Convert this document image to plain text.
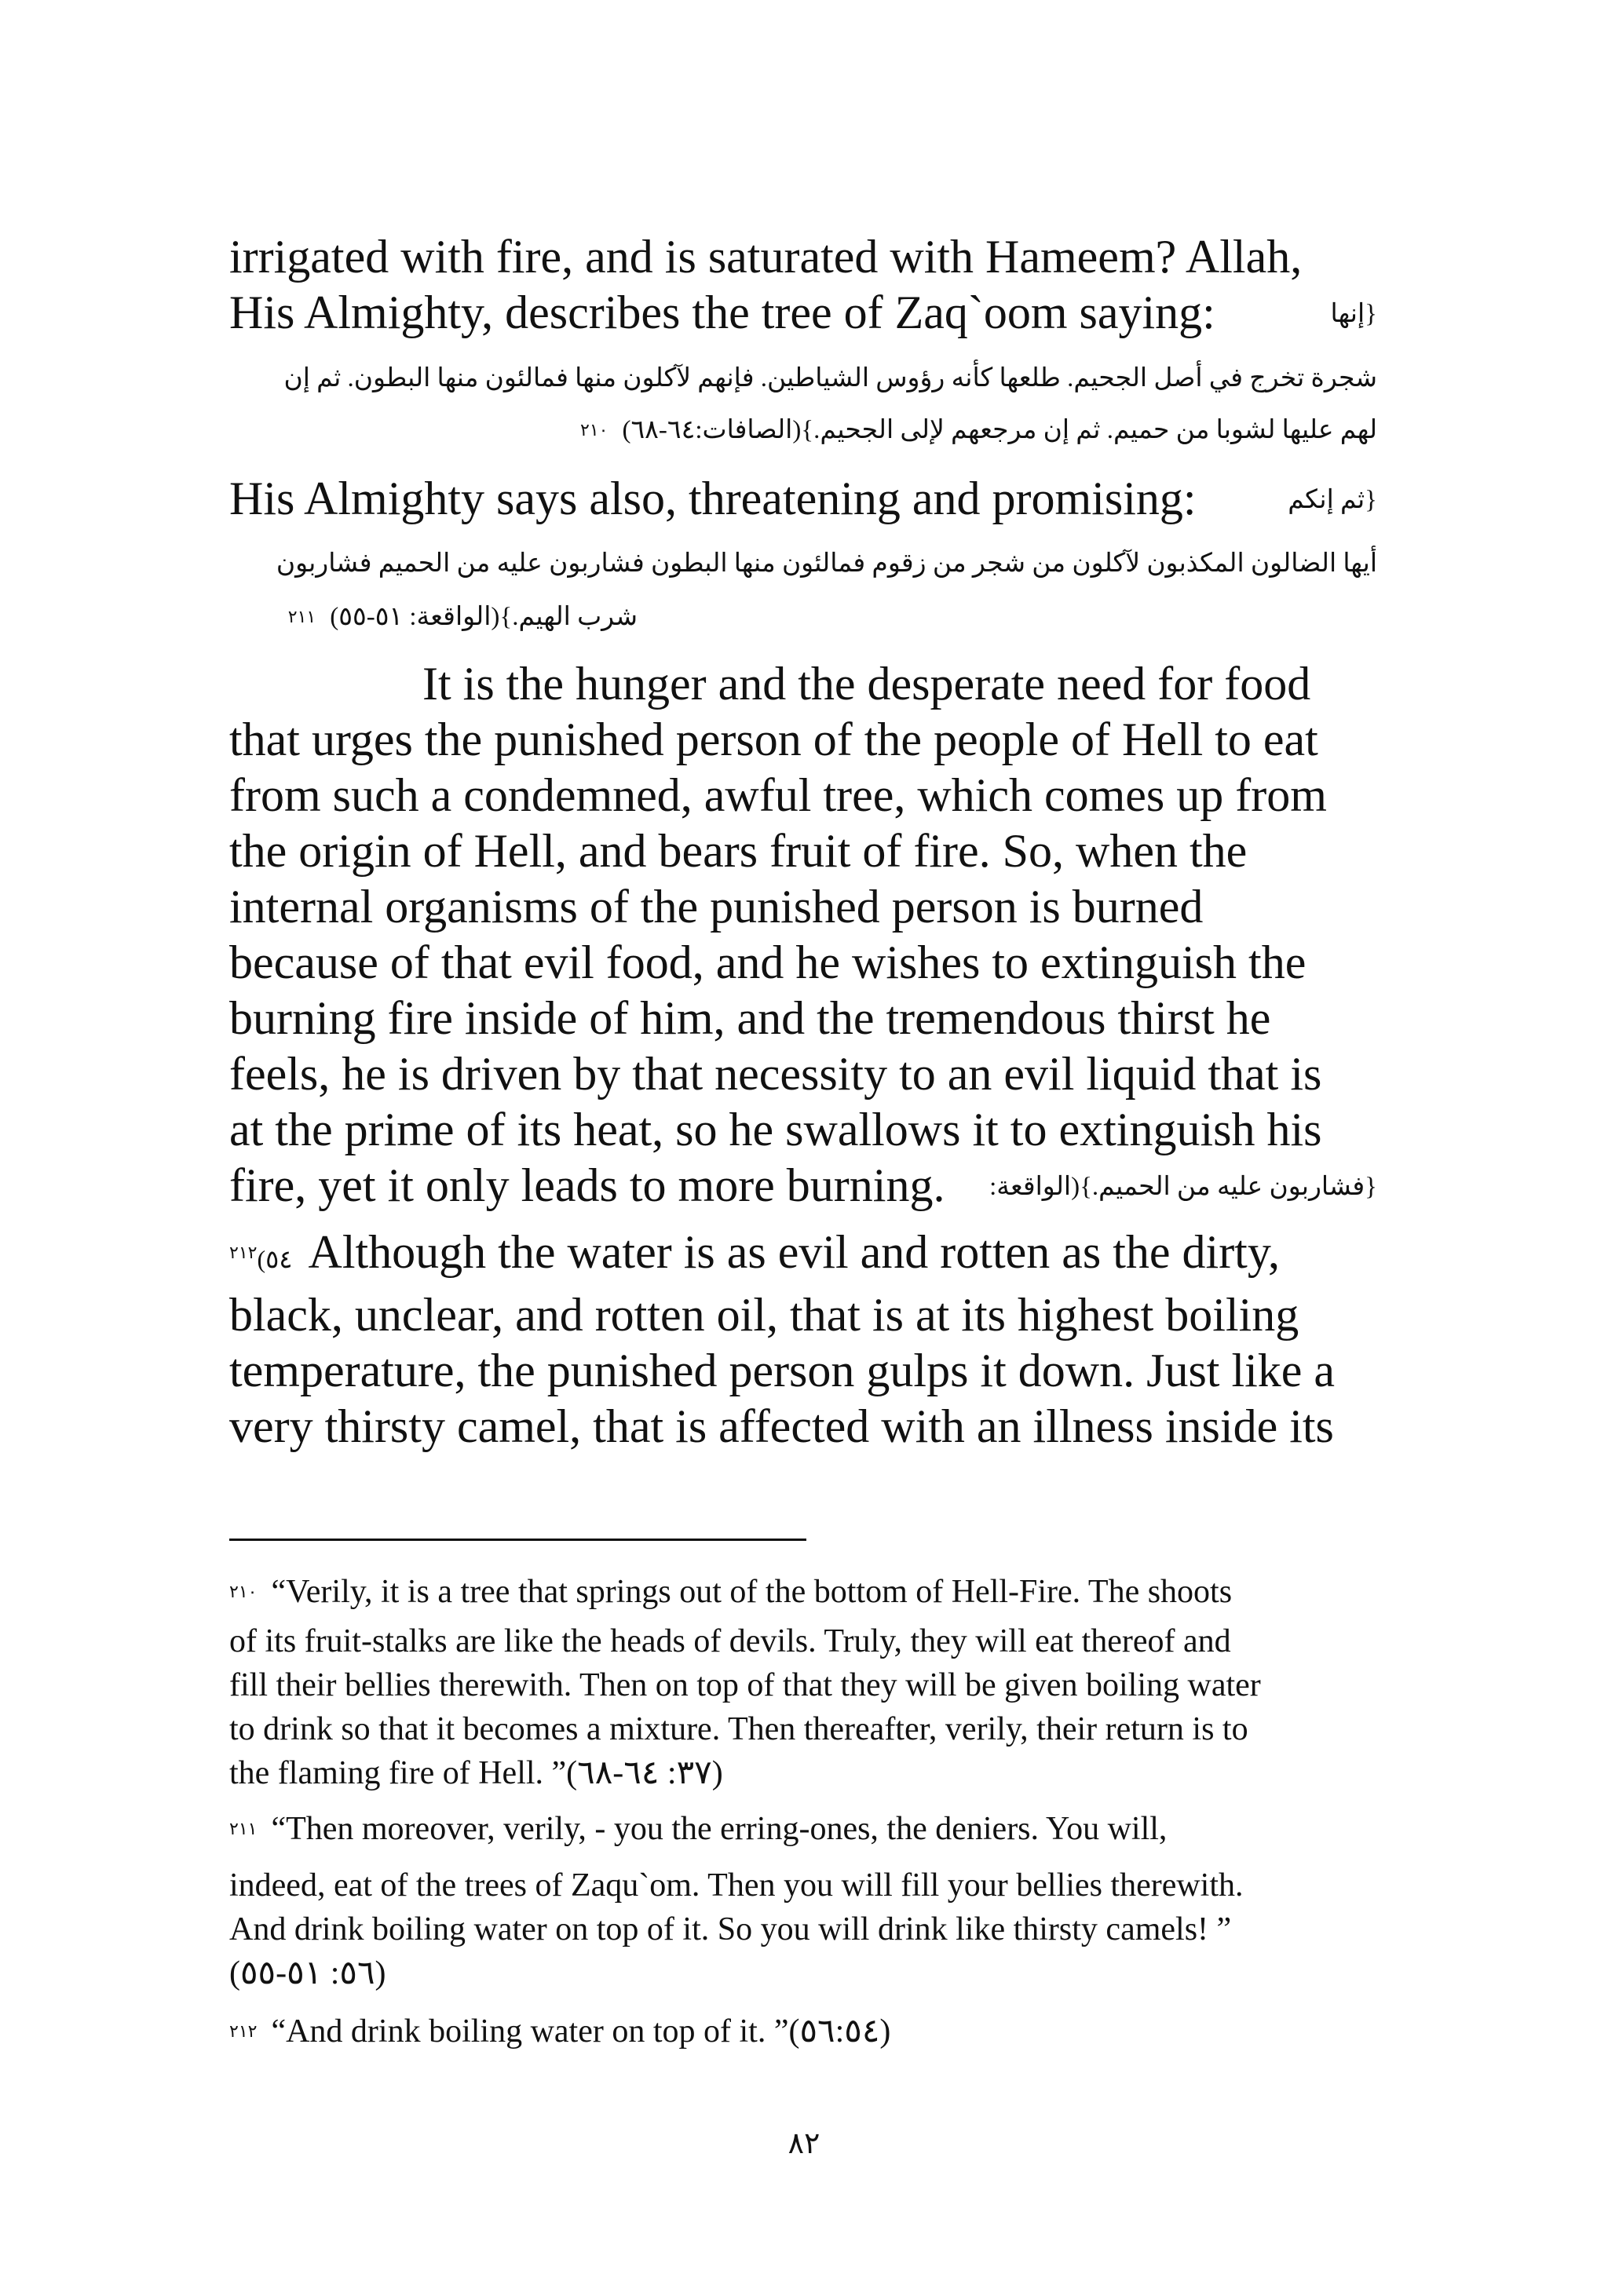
irrigated with fire, and is saturated with Hameem? Allah,
His Almighty, describes the tree of Zaq`oom saying:	{إنها
شجرة تخرج في أصل الجحيم. طلعها كأنه رؤوس الشياطين. فإنهم لآكلون منها فمالئون منها البطون. ثم إن
لهم عليها لشوبا من حميم. ثم إن مرجعهم لإلى الجحيم.}(الصافات:٦٤-٦٨)$^{٢١٠}$
His Almighty says also, threatening and promising:	{ثم إنكم
أيها الضالون المكذبون لآكلون من شجر من زقوم فمالئون منها البطون فشاربون عليه من الحميم فشاربون
شرب الهيم.}(الواقعة: ٥١-٥٥)$^{٢١١}$
It is the hunger and the desperate need for food
that urges the punished person of the people of Hell to eat
from such a condemned, awful tree, which comes up from
the origin of Hell, and bears fruit of fire. So, when the
internal organisms of the punished person is burned
because of that evil food, and he wishes to extinguish the
burning fire inside of him, and the tremendous thirst he
feels, he is driven by that necessity to an evil liquid that is
at the prime of its heat, so he swallows it to extinguish his
fire, yet it only leads to more burning.	{فشاربون عليه من الحميم.}(الواقعة:
$^{٢١٢}$٥٤) Although the water is as evil and rotten as the dirty,
black, unclear, and rotten oil, that is at its highest boiling
temperature, the punished person gulps it down. Just like a
very thirsty camel, that is affected with an illness inside its
$^{٢١٠}$ “Verily, it is a tree that springs out of the bottom of Hell-Fire. The shoots
of its fruit-stalks are like the heads of devils. Truly, they will eat thereof and
fill their bellies therewith. Then on top of that they will be given boiling water
to drink so that it becomes a mixture. Then thereafter, verily, their return is to
the flaming fire of Hell. ”(٣٧: ٦٤-٦٨)
$^{٢١١}$ “Then moreover, verily, - you the erring-ones, the deniers. You will,
indeed, eat of the trees of Zaqu`om. Then you will fill your bellies therewith.
And drink boiling water on top of it. So you will drink like thirsty camels! ”
(٥٦: ٥١-٥٥)
$^{٢١٢}$ “And drink boiling water on top of it. ”(٥٦:٥٤)
٨٢
